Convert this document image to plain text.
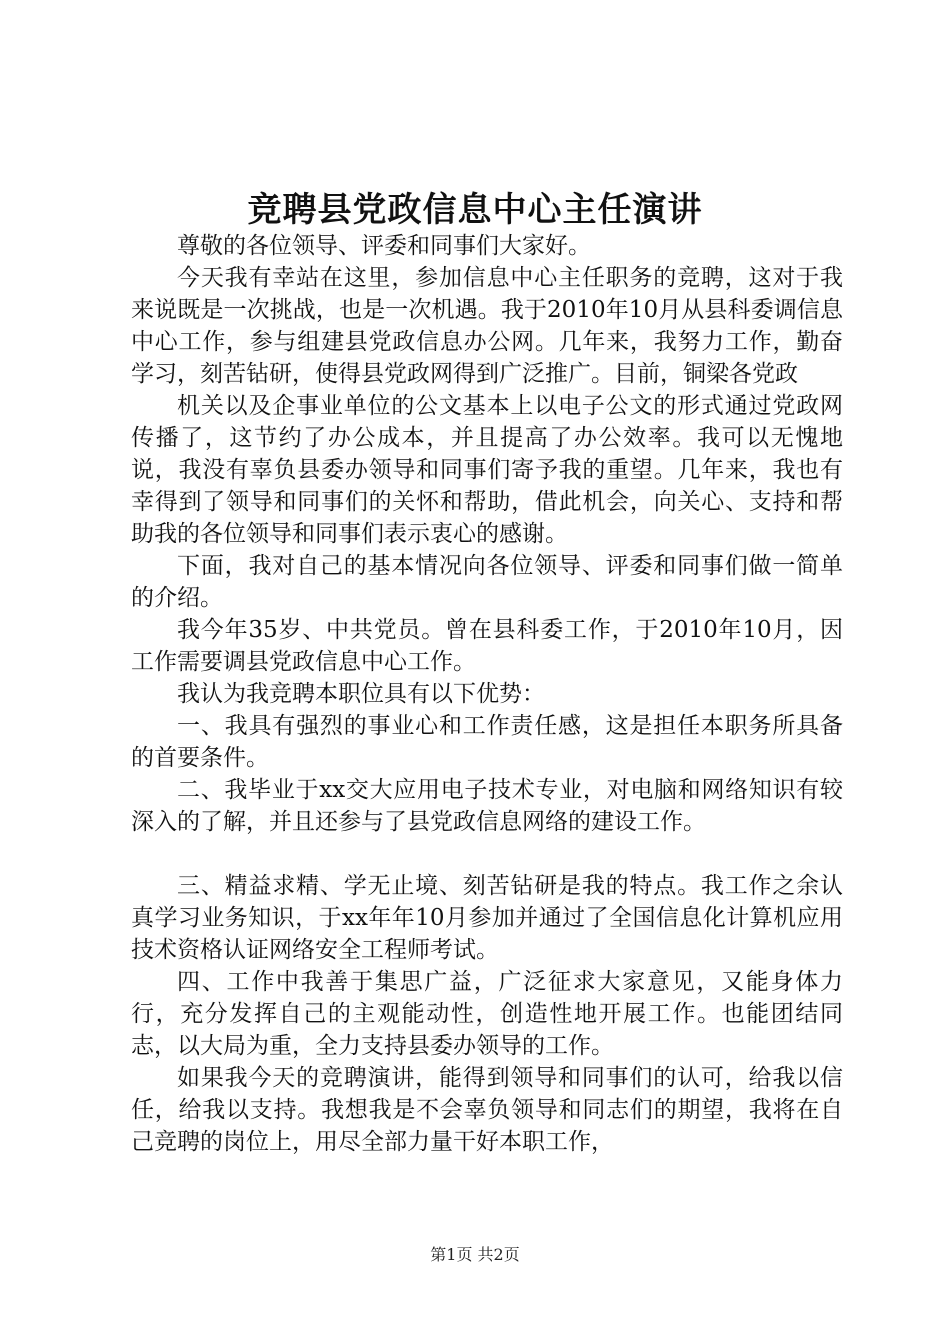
竞聘县党政信息中心主任演讲

尊敬的各位领导、评委和同事们大家好。

今天我有幸站在这里，参加信息中心主任职务的竞聘，这对于我来说既是一次挑战，也是一次机遇。我于2010年10月从县科委调信息中心工作，参与组建县党政信息办公网。几年来，我努力工作，勤奋学习，刻苦钻研，使得县党政网得到广泛推广。目前，铜梁各党政

机关以及企事业单位的公文基本上以电子公文的形式通过党政网传播了，这节约了办公成本，并且提高了办公效率。我可以无愧地说，我没有辜负县委办领导和同事们寄予我的重望。几年来，我也有幸得到了领导和同事们的关怀和帮助，借此机会，向关心、支持和帮助我的各位领导和同事们表示衷心的感谢。

下面，我对自己的基本情况向各位领导、评委和同事们做一简单的介绍。

我今年35岁、中共党员。曾在县科委工作，于2010年10月，因工作需要调县党政信息中心工作。

我认为我竞聘本职位具有以下优势：

一、我具有强烈的事业心和工作责任感，这是担任本职务所具备的首要条件。

二、我毕业于xx交大应用电子技术专业，对电脑和网络知识有较深入的了解，并且还参与了县党政信息网络的建设工作。

三、精益求精、学无止境、刻苦钻研是我的特点。我工作之余认真学习业务知识，于xx年年10月参加并通过了全国信息化计算机应用技术资格认证网络安全工程师考试。

四、工作中我善于集思广益，广泛征求大家意见，又能身体力行，充分发挥自己的主观能动性，创造性地开展工作。也能团结同志，以大局为重，全力支持县委办领导的工作。

如果我今天的竞聘演讲，能得到领导和同事们的认可，给我以信任，给我以支持。我想我是不会辜负领导和同志们的期望，我将在自己竞聘的岗位上，用尽全部力量干好本职工作，

第1页 共2页
